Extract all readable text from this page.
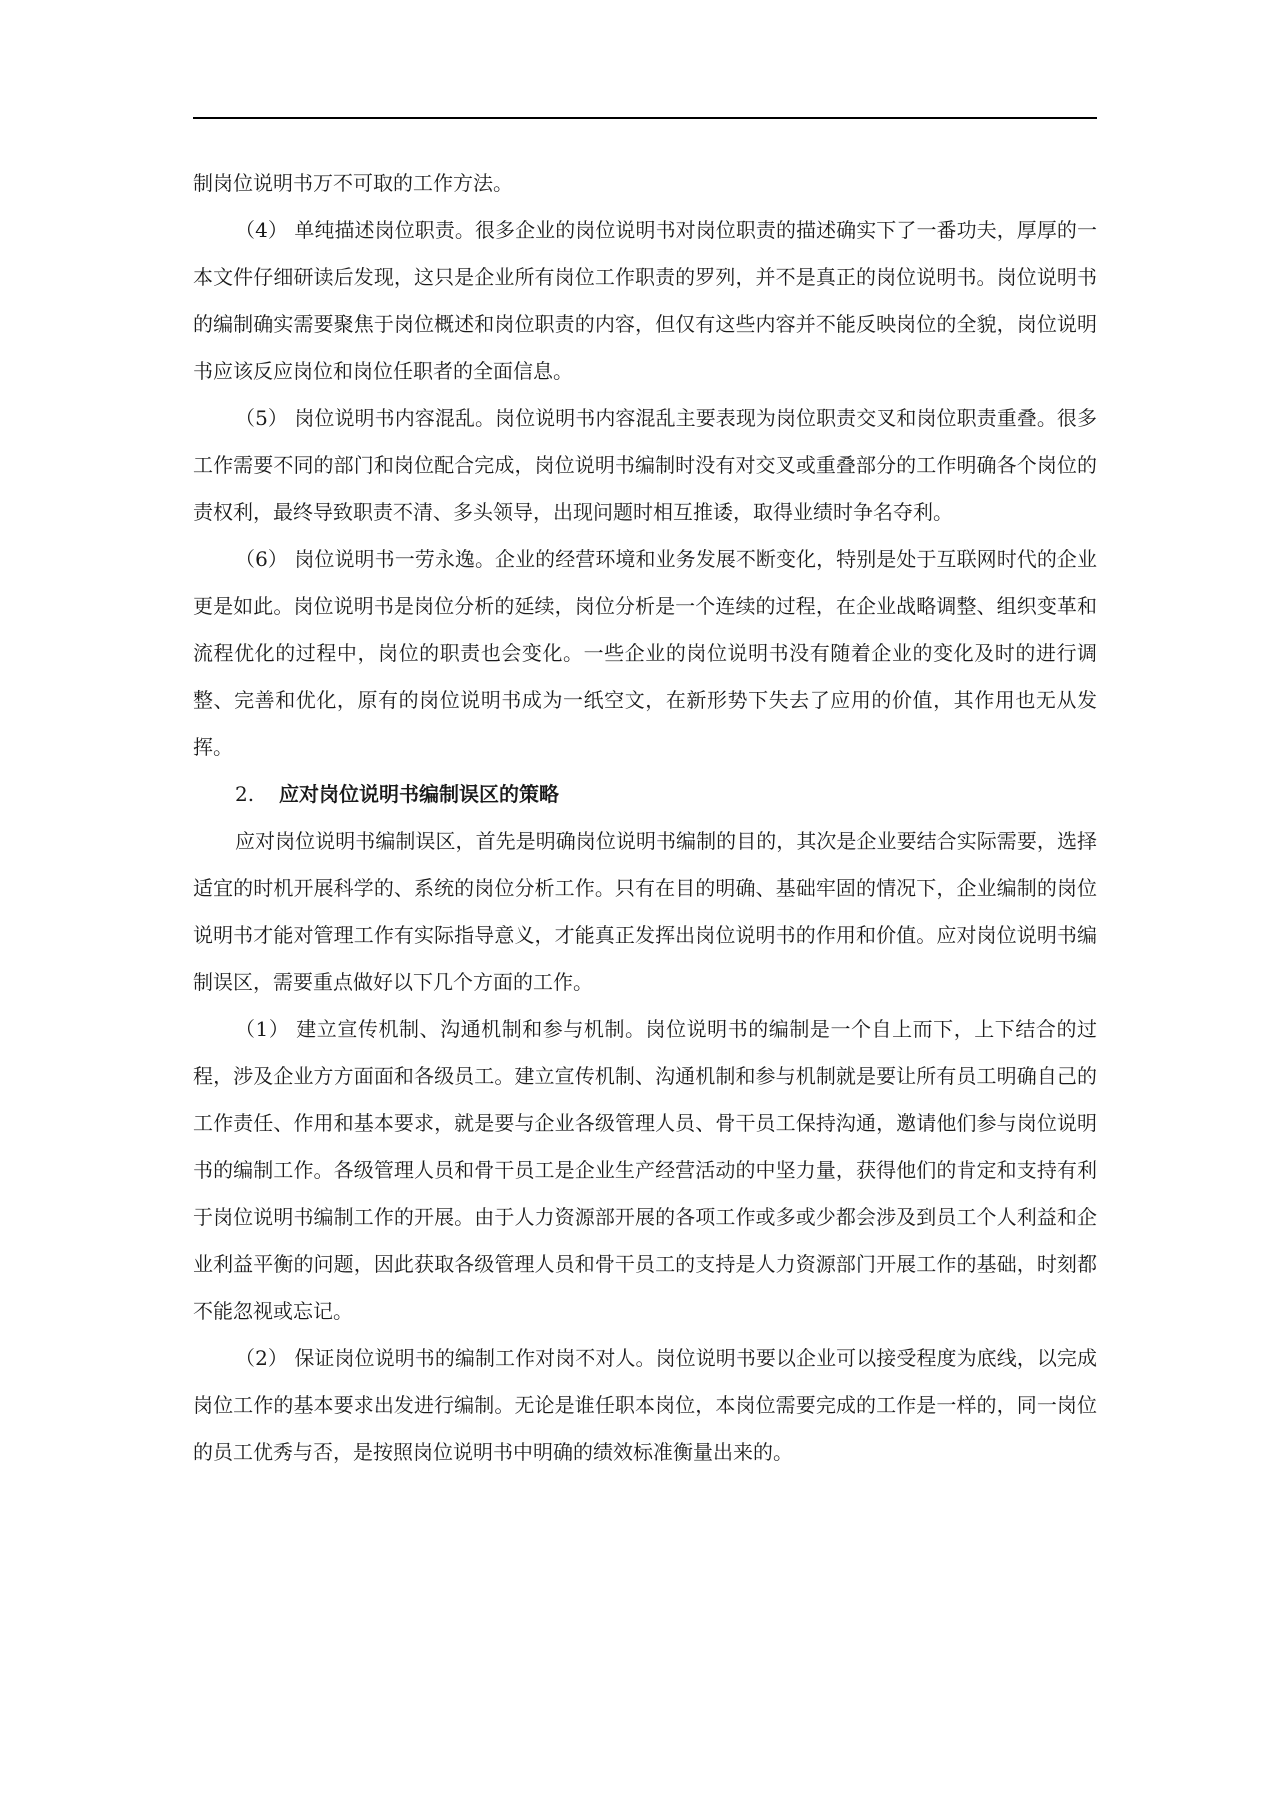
制岗位说明书万不可取的工作方法。

（4） 单纯描述岗位职责。很多企业的岗位说明书对岗位职责的描述确实下了一番功夫，厚厚的一本文件仔细研读后发现，这只是企业所有岗位工作职责的罗列，并不是真正的岗位说明书。岗位说明书的编制确实需要聚焦于岗位概述和岗位职责的内容，但仅有这些内容并不能反映岗位的全貌，岗位说明书应该反应岗位和岗位任职者的全面信息。

（5） 岗位说明书内容混乱。岗位说明书内容混乱主要表现为岗位职责交叉和岗位职责重叠。很多工作需要不同的部门和岗位配合完成，岗位说明书编制时没有对交叉或重叠部分的工作明确各个岗位的责权利，最终导致职责不清、多头领导，出现问题时相互推诿，取得业绩时争名夺利。

（6） 岗位说明书一劳永逸。企业的经营环境和业务发展不断变化，特别是处于互联网时代的企业更是如此。岗位说明书是岗位分析的延续，岗位分析是一个连续的过程，在企业战略调整、组织变革和流程优化的过程中，岗位的职责也会变化。一些企业的岗位说明书没有随着企业的变化及时的进行调整、完善和优化，原有的岗位说明书成为一纸空文，在新形势下失去了应用的价值，其作用也无从发挥。

2. 应对岗位说明书编制误区的策略

应对岗位说明书编制误区，首先是明确岗位说明书编制的目的，其次是企业要结合实际需要，选择适宜的时机开展科学的、系统的岗位分析工作。只有在目的明确、基础牢固的情况下，企业编制的岗位说明书才能对管理工作有实际指导意义，才能真正发挥出岗位说明书的作用和价值。应对岗位说明书编制误区，需要重点做好以下几个方面的工作。

（1） 建立宣传机制、沟通机制和参与机制。岗位说明书的编制是一个自上而下，上下结合的过程，涉及企业方方面面和各级员工。建立宣传机制、沟通机制和参与机制就是要让所有员工明确自己的工作责任、作用和基本要求，就是要与企业各级管理人员、骨干员工保持沟通，邀请他们参与岗位说明书的编制工作。各级管理人员和骨干员工是企业生产经营活动的中坚力量，获得他们的肯定和支持有利于岗位说明书编制工作的开展。由于人力资源部开展的各项工作或多或少都会涉及到员工个人利益和企业利益平衡的问题，因此获取各级管理人员和骨干员工的支持是人力资源部门开展工作的基础，时刻都不能忽视或忘记。

（2） 保证岗位说明书的编制工作对岗不对人。岗位说明书要以企业可以接受程度为底线，以完成岗位工作的基本要求出发进行编制。无论是谁任职本岗位，本岗位需要完成的工作是一样的，同一岗位的员工优秀与否，是按照岗位说明书中明确的绩效标准衡量出来的。
